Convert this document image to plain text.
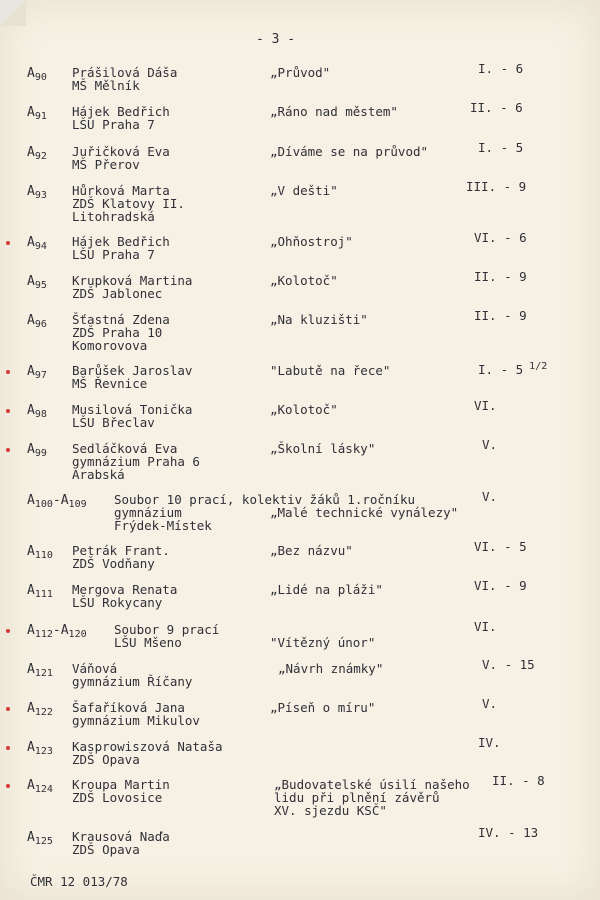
- 3 -
$A_{90}$ Prášilová Dáša
MŠ Mělník
„Průvod"	I. - 6
$A_{91}$ Hájek Bedřich
LŠU Praha 7
„Ráno nad městem"	II. - 6
$A_{92}$ Juřičková Eva
MŠ Přerov
„Díváme se na průvod"	I. - 5
$A_{93}$ Hůrková Marta
ZDŠ Klatovy II.
Litohradská
„V dešti"	III. - 9
$A_{94}$ Hájek Bedřich
LŠU Praha 7
„Ohňostroj"	VI. - 6
$A_{95}$ Krupková Martina
ZDŠ Jablonec
„Kolotoč"	II. - 9
$A_{96}$ Šťastná Zdena
ZDŠ Praha 10
Komorovova
„Na kluzišti"	II. - 9
$A_{97}$ Barůšek Jaroslav
MŠ Řevnice
"Labutě na řece"	I. - 5 $^{1/2}$
$A_{98}$ Musilová Tonička
LŠU Břeclav
„Kolotoč"	VI.
$A_{99}$ Sedláčková Eva
gymnázium Praha 6
Arabská
„Školní lásky"	V.
$A_{100}-A_{109}$ Soubor 10 prací, kolektiv žáků 1.ročníku
gymnázium
Frýdek-Místek
„Malé technické vynálezy"
V.
$A_{110}$ Petrák Frant.
ZDŠ Vodňany
„Bez názvu"	VI. - 5
$A_{111}$ Mergova Renata
LŠU Rokycany
„Lidé na pláži"	VI. - 9
$A_{112}-A_{120}$ Soubor 9 prací
LŠU Mšeno	"Vítězný únor"
VI.
$A_{121}$ Váňová
gymnázium Říčany
„Návrh známky"	V. - 15
$A_{122}$ Šafaříková Jana
gymnázium Mikulov
„Píseň o míru"	V.
$A_{123}$ Kasprowiszová Nataša
ZDŠ Opava
IV.
$A_{124}$ Kroupa Martin
ZDŠ Lovosice
„Budovatelské úsilí našeho
lidu při plnění závěrů
XV. sjezdu KSČ"
II. - 8
$A_{125}$ Krausová Naďa
ZDŠ Opava
IV. - 13
ČMR 12 013/78
